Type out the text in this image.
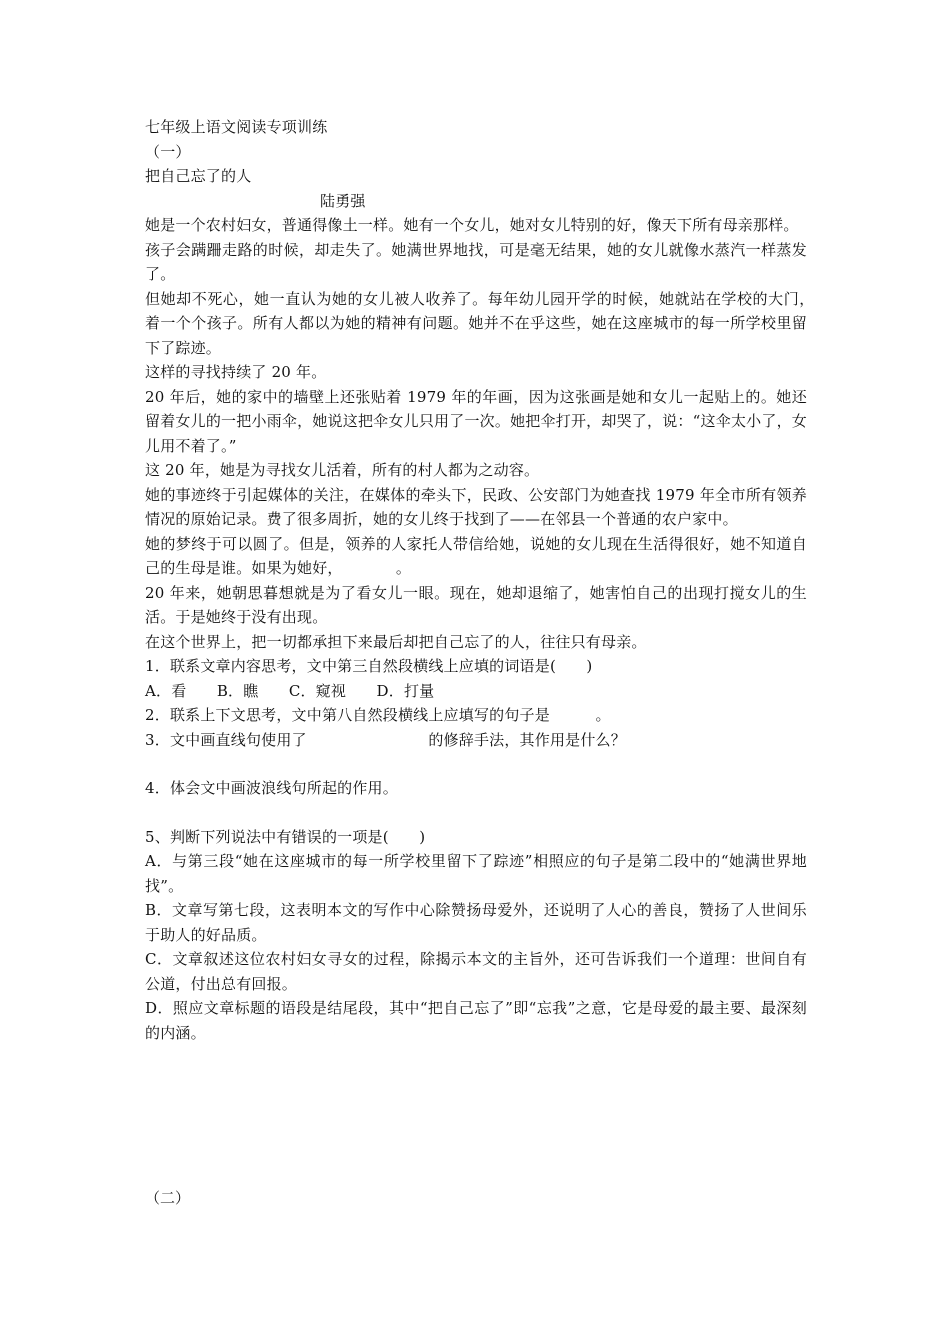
七年级上语文阅读专项训练

（一）

把自己忘了的人

陆勇强

她是一个农村妇女，普通得像土一样。她有一个女儿，她对女儿特别的好，像天下所有母亲那样。

孩子会蹒跚走路的时候，却走失了。她满世界地找，可是毫无结果，她的女儿就像水蒸汽一样蒸发了。

但她却不死心，她一直认为她的女儿被人收养了。每年幼儿园开学的时候，她就站在学校的大门，　　着一个个孩子。所有人都以为她的精神有问题。她并不在乎这些，她在这座城市的每一所学校里留下了踪迹。

这样的寻找持续了 20 年。

20 年后，她的家中的墙壁上还张贴着 1979 年的年画，因为这张画是她和女儿一起贴上的。她还留着女儿的一把小雨伞，她说这把伞女儿只用了一次。她把伞打开，却哭了，说：“这伞太小了，女儿用不着了。”

这 20 年，她是为寻找女儿活着，所有的村人都为之动容。

她的事迹终于引起媒体的关注，在媒体的牵头下，民政、公安部门为她查找 1979 年全市所有领养情况的原始记录。费了很多周折，她的女儿终于找到了——在邻县一个普通的农户家中。

她的梦终于可以圆了。但是，领养的人家托人带信给她，说她的女儿现在生活得很好，她不知道自己的生母是谁。如果为她好，　　　　。

20 年来，她朝思暮想就是为了看女儿一眼。现在，她却退缩了，她害怕自己的出现打搅女儿的生活。于是她终于没有出现。

在这个世界上，把一切都承担下来最后却把自己忘了的人，往往只有母亲。

1．联系文章内容思考，文中第三自然段横线上应填的词语是(　　)

A．看　　B．瞧　　C．窥视　　D．打量

2．联系上下文思考，文中第八自然段横线上应填写的句子是　　　。

3．文中画直线句使用了　　　　　　　　的修辞手法，其作用是什么？

4．体会文中画波浪线句所起的作用。

5、判断下列说法中有错误的一项是(　　)

A．与第三段“她在这座城市的每一所学校里留下了踪迹”相照应的句子是第二段中的“她满世界地找”。

B．文章写第七段，这表明本文的写作中心除赞扬母爱外，还说明了人心的善良，赞扬了人世间乐于助人的好品质。

C．文章叙述这位农村妇女寻女的过程，除揭示本文的主旨外，还可告诉我们一个道理：世间自有公道，付出总有回报。

D．照应文章标题的语段是结尾段，其中“把自己忘了”即“忘我”之意，它是母爱的最主要、最深刻的内涵。

（二）
